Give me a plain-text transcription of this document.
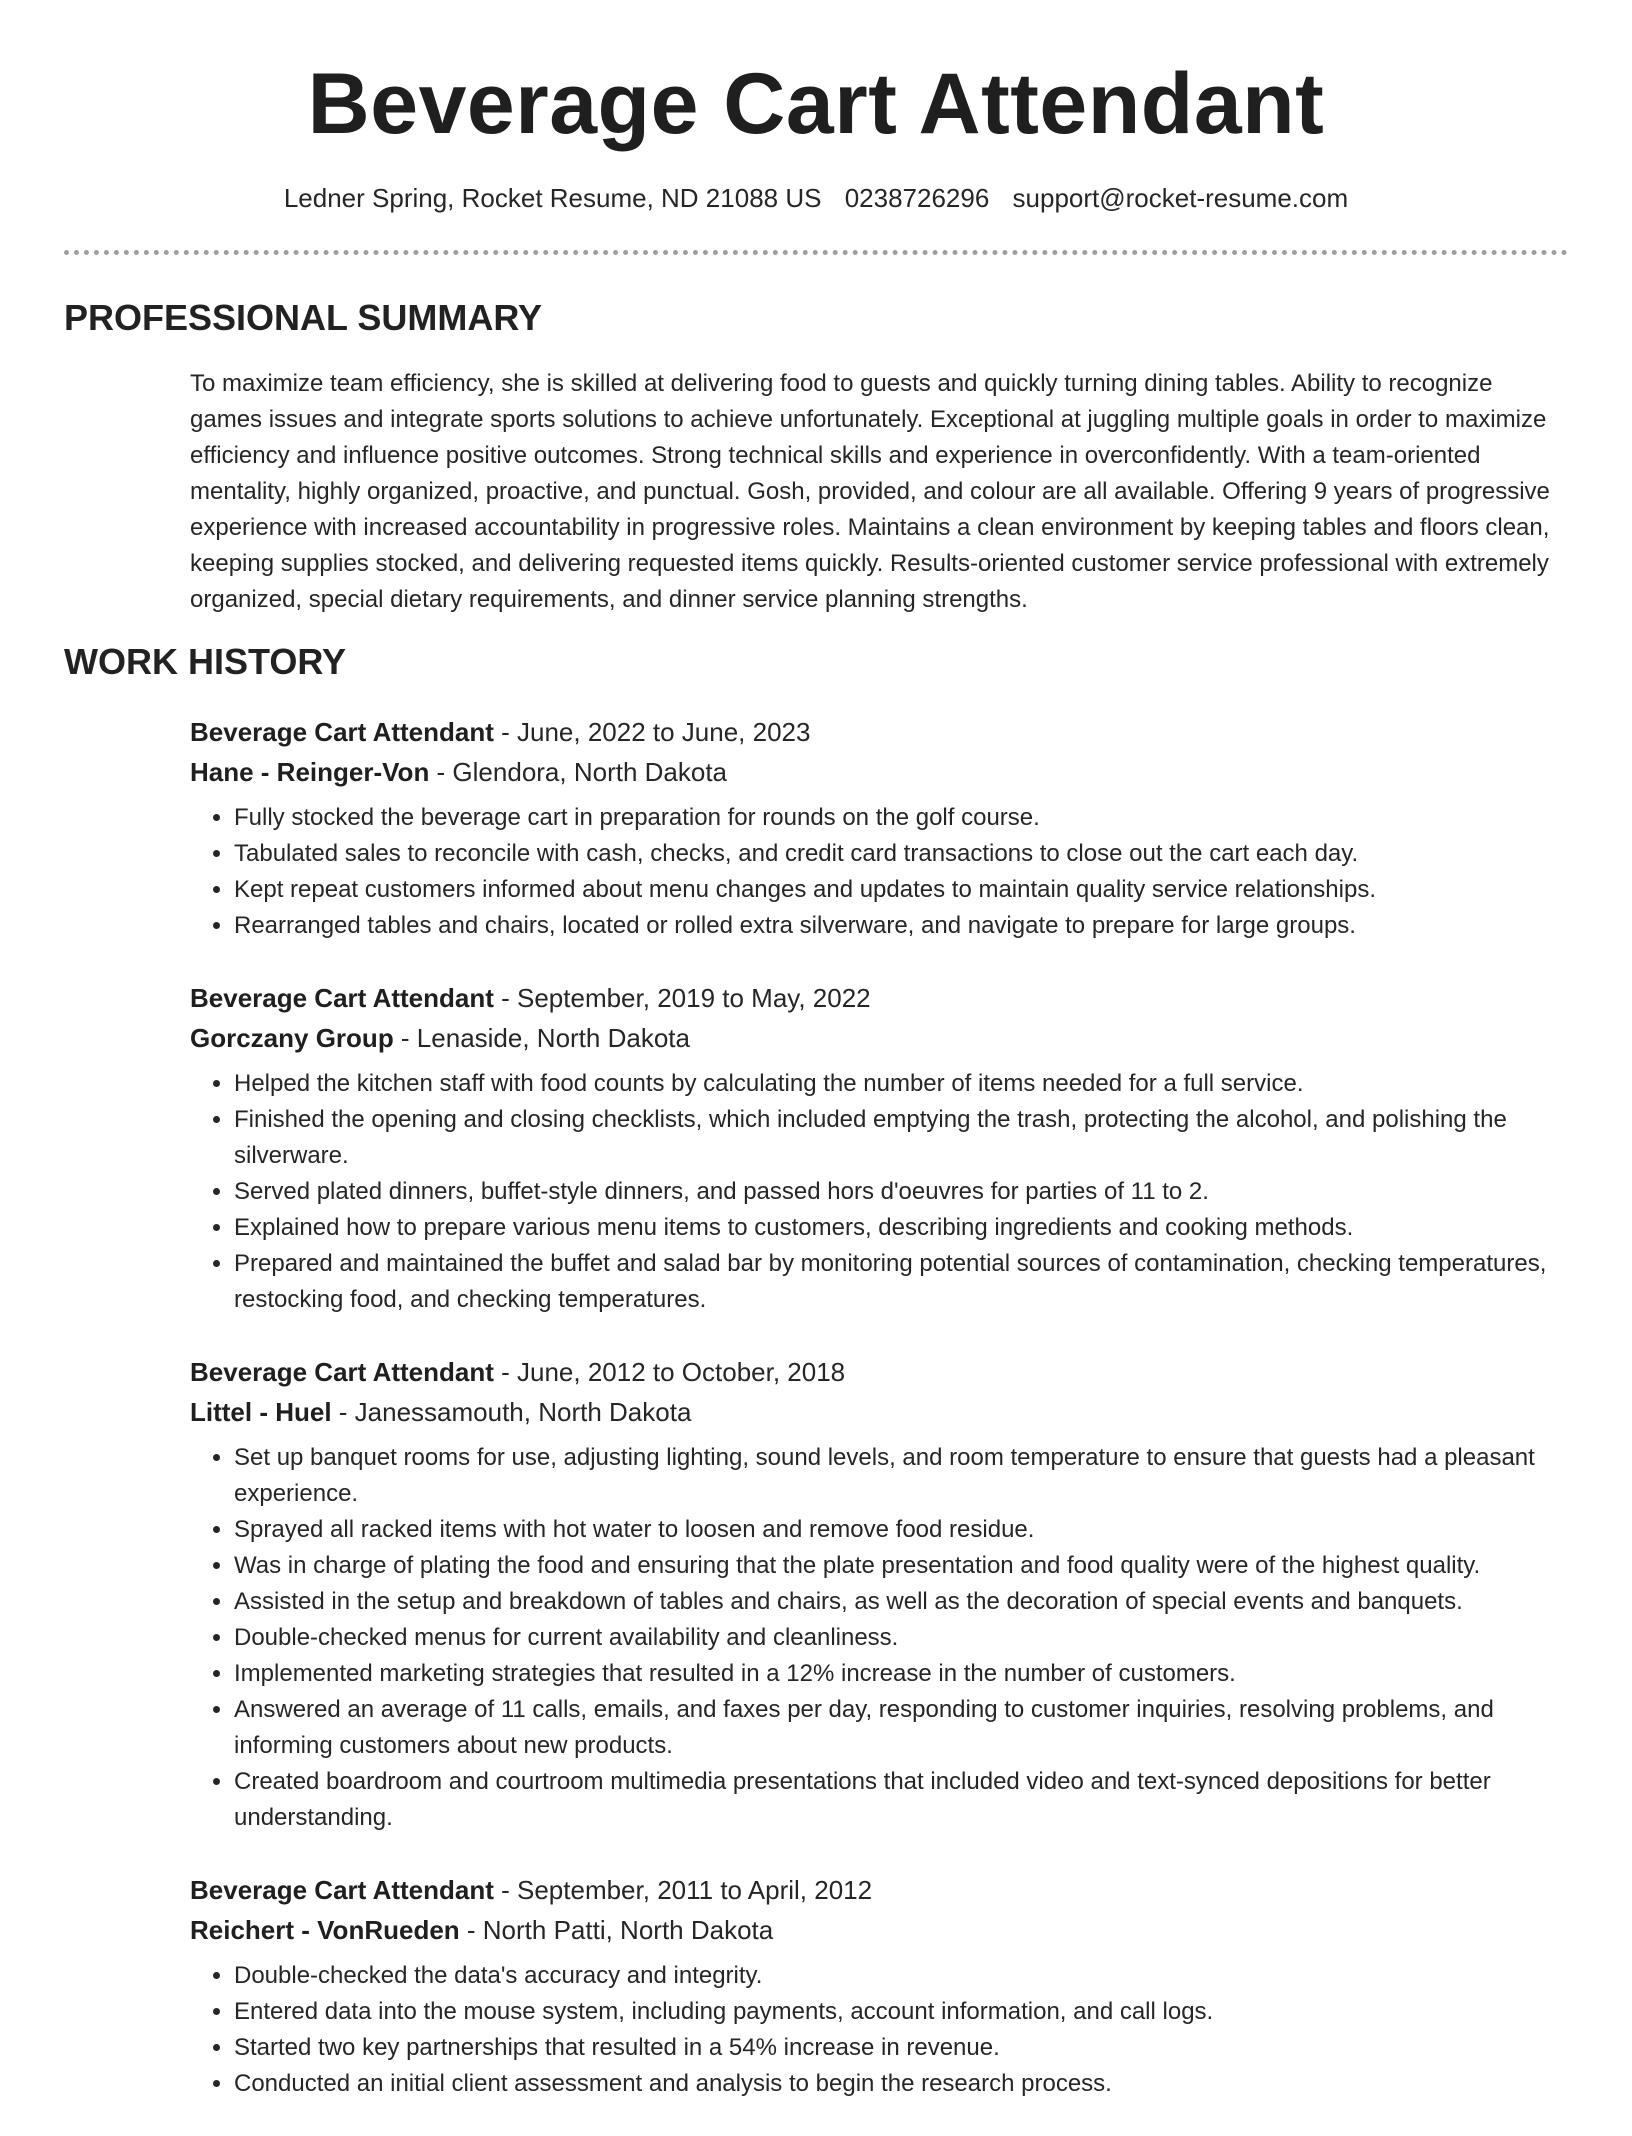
Beverage Cart Attendant
Ledner Spring, Rocket Resume, ND 21088 US 0238726296 support@rocket-resume.com
PROFESSIONAL SUMMARY

To maximize team efficiency, she is skilled at delivering food to guests and quickly turning dining tables. Ability to recognize games issues and integrate sports solutions to achieve unfortunately. Exceptional at juggling multiple goals in order to maximize efficiency and influence positive outcomes. Strong technical skills and experience in overconfidently. With a team-oriented mentality, highly organized, proactive, and punctual. Gosh, provided, and colour are all available. Offering 9 years of progressive experience with increased accountability in progressive roles. Maintains a clean environment by keeping tables and floors clean, keeping supplies stocked, and delivering requested items quickly. Results-oriented customer service professional with extremely organized, special dietary requirements, and dinner service planning strengths.

WORK HISTORY

Beverage Cart Attendant - June, 2022 to June, 2023

Hane - Reinger-Von - Glendora, North Dakota

• Fully stocked the beverage cart in preparation for rounds on the golf course.
• Tabulated sales to reconcile with cash, checks, and credit card transactions to close out the cart each day.
• Kept repeat customers informed about menu changes and updates to maintain quality service relationships.
• Rearranged tables and chairs, located or rolled extra silverware, and navigate to prepare for large groups.

Beverage Cart Attendant - September, 2019 to May, 2022

Gorczany Group - Lenaside, North Dakota

• Helped the kitchen staff with food counts by calculating the number of items needed for a full service.
• Finished the opening and closing checklists, which included emptying the trash, protecting the alcohol, and polishing the silverware.
• Served plated dinners, buffet-style dinners, and passed hors d'oeuvres for parties of 11 to 2.
• Explained how to prepare various menu items to customers, describing ingredients and cooking methods.
• Prepared and maintained the buffet and salad bar by monitoring potential sources of contamination, checking temperatures, restocking food, and checking temperatures.

Beverage Cart Attendant - June, 2012 to October, 2018

Littel - Huel - Janessamouth, North Dakota

• Set up banquet rooms for use, adjusting lighting, sound levels, and room temperature to ensure that guests had a pleasant experience.
• Sprayed all racked items with hot water to loosen and remove food residue.
• Was in charge of plating the food and ensuring that the plate presentation and food quality were of the highest quality.
• Assisted in the setup and breakdown of tables and chairs, as well as the decoration of special events and banquets.
• Double-checked menus for current availability and cleanliness.
• Implemented marketing strategies that resulted in a 12% increase in the number of customers.
• Answered an average of 11 calls, emails, and faxes per day, responding to customer inquiries, resolving problems, and informing customers about new products.
• Created boardroom and courtroom multimedia presentations that included video and text-synced depositions for better understanding.

Beverage Cart Attendant - September, 2011 to April, 2012

Reichert - VonRueden - North Patti, North Dakota

• Double-checked the data's accuracy and integrity.
• Entered data into the mouse system, including payments, account information, and call logs.
• Started two key partnerships that resulted in a 54% increase in revenue.
• Conducted an initial client assessment and analysis to begin the research process.
